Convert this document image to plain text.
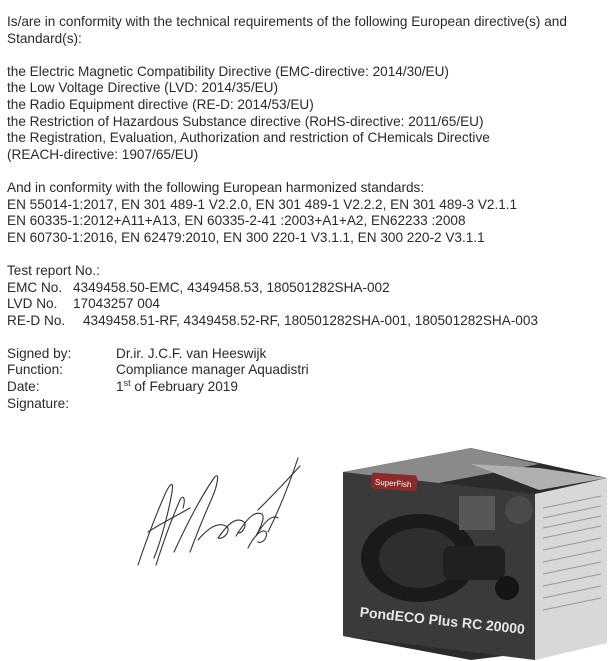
Is/are in conformity with the technical requirements of the following European directive(s) and Standard(s):

the Electric Magnetic Compatibility Directive (EMC-directive: 2014/30/EU)

the Low Voltage Directive (LVD: 2014/35/EU)

the Radio Equipment directive (RE-D: 2014/53/EU)

the Restriction of Hazardous Substance directive (RoHS-directive: 2011/65/EU)

the Registration, Evaluation, Authorization and restriction of CHemicals Directive

(REACH-directive: 1907/65/EU)

And in conformity with the following European harmonized standards:

EN 55014-1:2017, EN 301 489-1 V2.2.0, EN 301 489-1 V2.2.2, EN 301 489-3 V2.1.1

EN 60335-1:2012+A11+A13, EN 60335-2-41 :2003+A1+A2, EN62233 :2008

EN 60730-1:2016, EN 62479:2010, EN 300 220-1 V3.1.1, EN 300 220-2 V3.1.1

Test report No.:

EMC No. 4349458.50-EMC, 4349458.53, 180501282SHA-002
LVD No.	17043257 004
RE-D No.	4349458.51-RF, 4349458.52-RF, 180501282SHA-001, 180501282SHA-003
Signed by:	Dr.ir. J.C.F. van Heeswijk
Function:	Compliance manager Aquadistri
Date:	1st of February 2019

Signature:

SuperFish
PondECO Plus RC 20000
